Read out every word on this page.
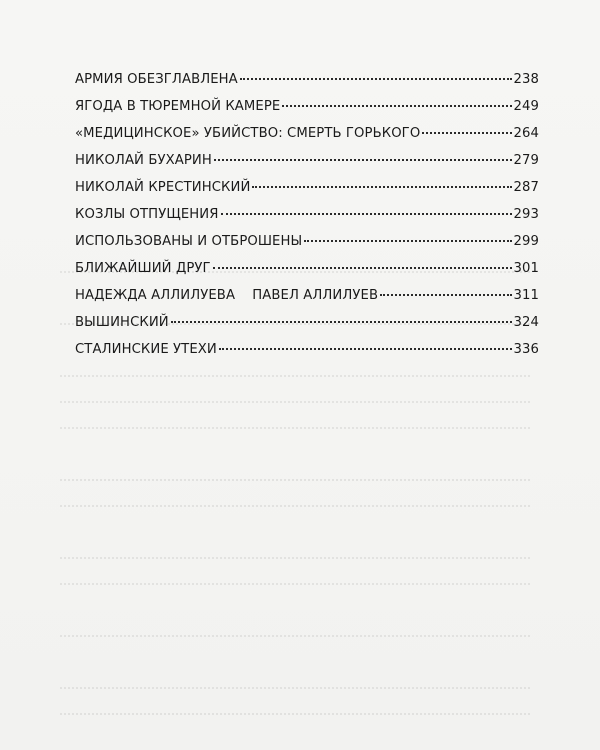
АРМИЯ ОБЕЗГЛАВЛЕНА	238
ЯГОДА В ТЮРЕМНОЙ КАМЕРЕ	249
«МЕДИЦИНСКОЕ» УБИЙСТВО: СМЕРТЬ ГОРЬКОГО	264
НИКОЛАЙ БУХАРИН	279
НИКОЛАЙ КРЕСТИНСКИЙ	287
КОЗЛЫ ОТПУЩЕНИЯ	293
ИСПОЛЬЗОВАНЫ И ОТБРОШЕНЫ	299
БЛИЖАЙШИЙ ДРУГ	301
НАДЕЖДА АЛЛИЛУЕВА    ПАВЕЛ АЛЛИЛУЕВ	311
ВЫШИНСКИЙ	324
СТАЛИНСКИЕ УТЕХИ	336
